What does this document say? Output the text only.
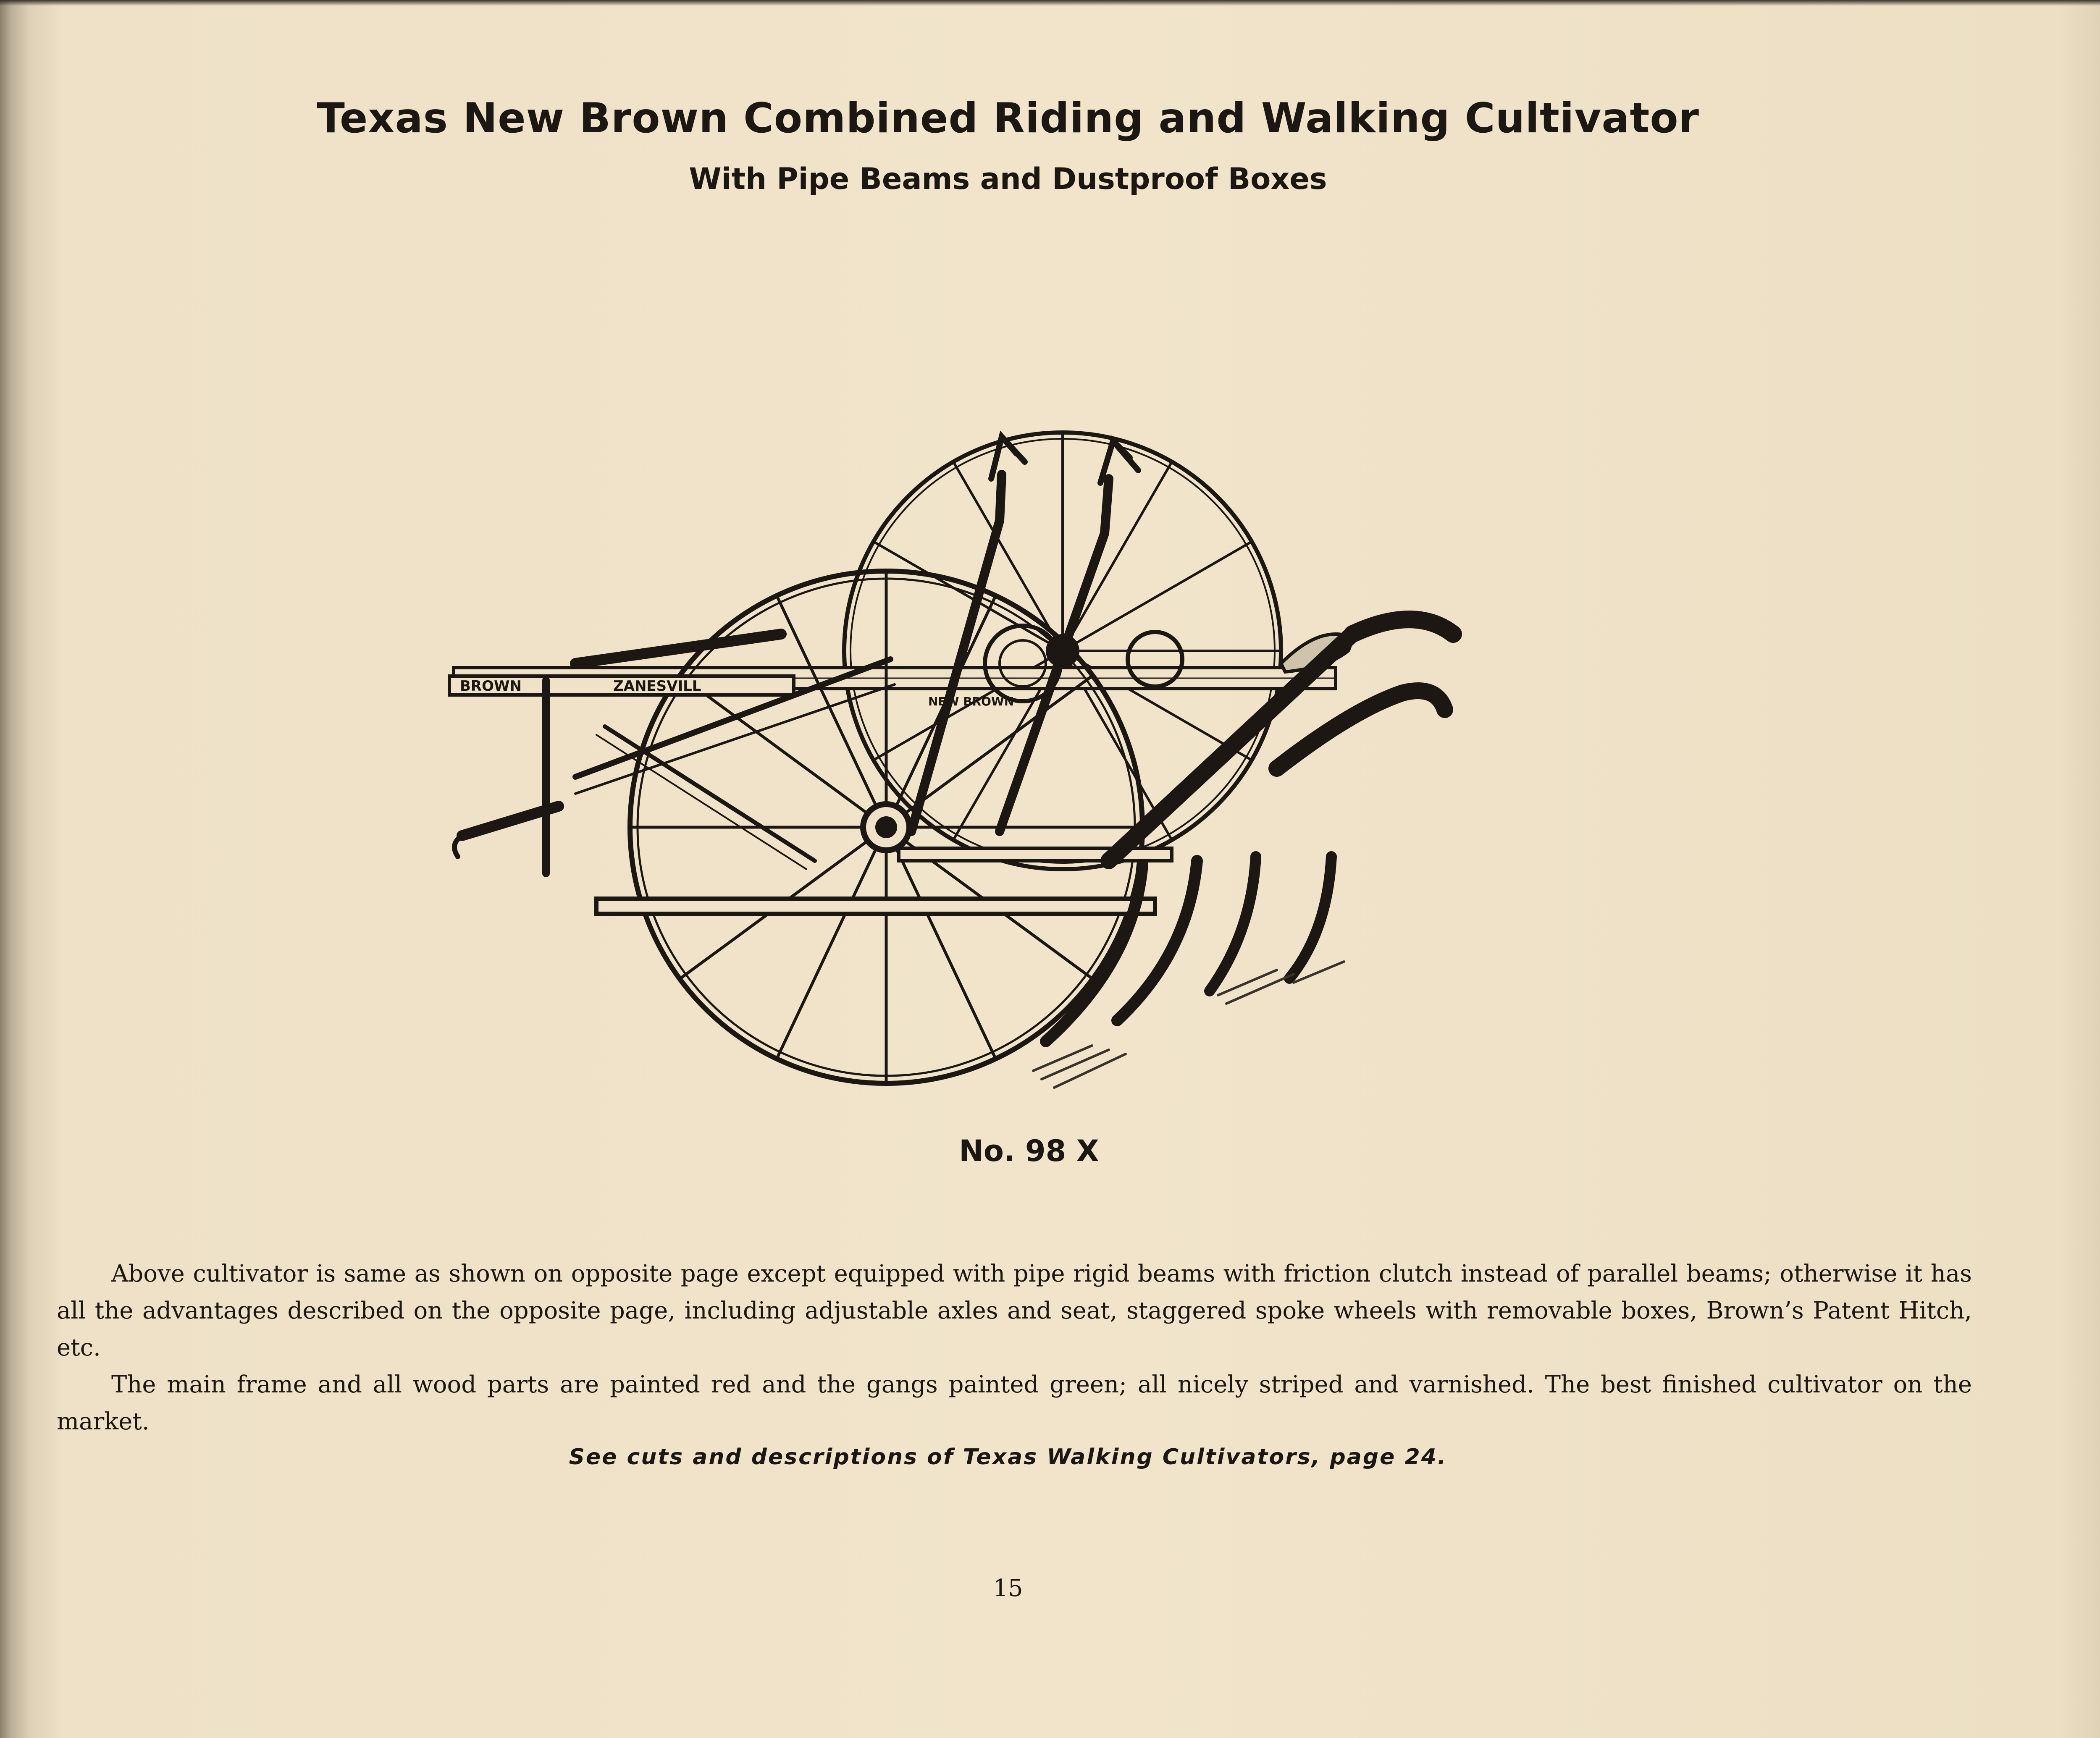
Texas New Brown Combined Riding and Walking Cultivator
With Pipe Beams and Dustproof Boxes
BROWN	ZANESVILL
NEW BROWN
No. 98 X

Above cultivator is same as shown on opposite page except equipped with pipe rigid beams with friction clutch instead of parallel beams; otherwise it has all the advantages described on the opposite page, including adjustable axles and seat, staggered spoke wheels with removable boxes, Brown’s Patent Hitch, etc.

The main frame and all wood parts are painted red and the gangs painted green; all nicely striped and varnished. The best finished cultivator on the market.

See cuts and descriptions of Texas Walking Cultivators, page 24.
15
